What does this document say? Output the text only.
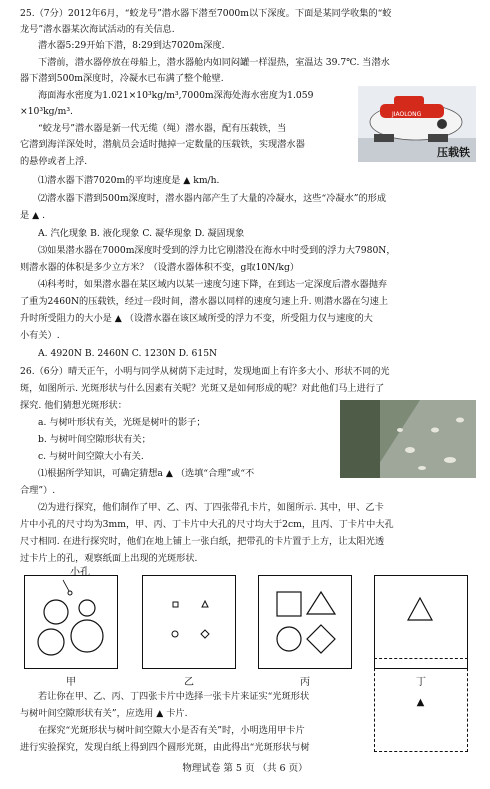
25.（7分）2012年6月，“蛟龙号”潜水器下潜至7000m以下深度。下面是某同学收集的“蛟
龙号”潜水器某次海试活动的有关信息.
潜水器5:29开始下潜，8:29到达7020m深度.
下潜前，潜水器停放在母船上，潜水器舱内如同闷罐一样湿热，室温达 39.7℃. 当潜水
器下潜到500m深度时，冷凝水已布满了整个舱壁.
海面海水密度为1.021×10³kg/m³,7000m深海处海水密度为1.059
×10³kg/m³.
“蛟龙号”潜水器是新一代无缆（绳）潜水器，配有压载铁，当
它潜到海洋深处时，潜航员会适时抛掉一定数量的压载铁，实现潜水器
的悬停或者上浮.
JIAOLONG
压载铁
⑴潜水器下潜7020m的平均速度是 ▲ km/h.
⑵潜水器下潜到500m深度时，潜水器内部产生了大量的冷凝水，这些“冷凝水”的形成
是 ▲ .
A. 汽化现象 B. 液化现象 C. 凝华现象 D. 凝固现象
⑶如果潜水器在7000m深度时受到的浮力比它刚潜没在海水中时受到的浮力大7980N，
则潜水器的体积是多少立方米？（设潜水器体积不变，g取10N/kg）
⑷科考时，如果潜水器在某区域内以某一速度匀速下降，在到达一定深度后潜水器抛弃
了重为2460N的压载铁，经过一段时间，潜水器以同样的速度匀速上升. 则潜水器在匀速上
升时所受阻力的大小是 ▲ （设潜水器在该区域所受的浮力不变，所受阻力仅与速度的大
小有关）.
A. 4920N B. 2460N C. 1230N D. 615N
26.（6分）晴天正午，小明与同学从树荫下走过时，发现地面上有许多大小、形状不同的光
斑，如图所示. 光斑形状与什么因素有关呢？光斑又是如何形成的呢？对此他们马上进行了
探究. 他们猜想光斑形状：
a. 与树叶形状有关，光斑是树叶的影子；
b. 与树叶间空隙形状有关；
c. 与树叶间空隙大小有关.
⑴根据所学知识，可确定猜想a ▲ （选填“合理”或“不
合理”）.
⑵为进行探究，他们制作了甲、乙、丙、丁四张带孔卡片，如图所示. 其中，甲、乙卡
片中小孔的尺寸均为3mm，甲、丙、丁卡片中大孔的尺寸均大于2cm，且丙、丁卡片中大孔
尺寸相同. 在进行探究时，他们在地上铺上一张白纸，把带孔的卡片置于上方，让太阳光透
过卡片上的孔，观察纸面上出现的光斑形状.
小孔
甲	乙	丙	丁
若让你在甲、乙、丙、丁四张卡片中选择一张卡片来证实“光斑形状
与树叶间空隙形状有关”，应选用 ▲ 卡片.
在探究“光斑形状与树叶间空隙大小是否有关”时，小明选用甲卡片
进行实验探究，发现白纸上得到四个圆形光斑，由此得出“光斑形状与树
▲
物理试卷 第 5 页 （共 6 页）
